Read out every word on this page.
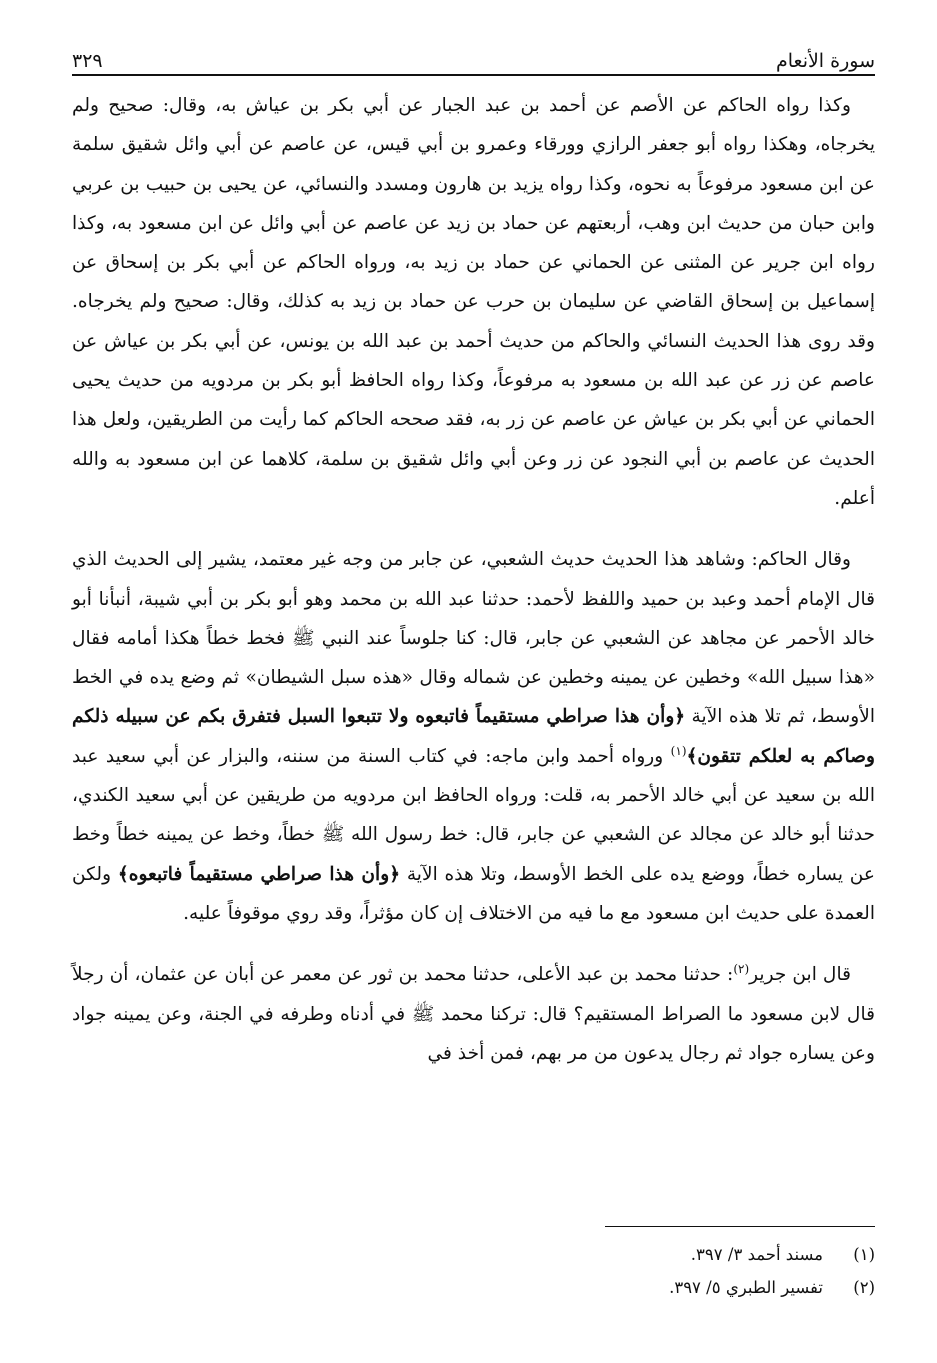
سورة الأنعام
٣٢٩

وكذا رواه الحاكم عن الأصم عن أحمد بن عبد الجبار عن أبي بكر بن عياش به، وقال: صحيح ولم يخرجاه، وهكذا رواه أبو جعفر الرازي وورقاء وعمرو بن أبي قيس، عن عاصم عن أبي وائل شقيق سلمة عن ابن مسعود مرفوعاً به نحوه، وكذا رواه يزيد بن هارون ومسدد والنسائي، عن يحيى بن حبيب بن عربي وابن حبان من حديث ابن وهب، أربعتهم عن حماد بن زيد عن عاصم عن أبي وائل عن ابن مسعود به، وكذا رواه ابن جرير عن المثنى عن الحماني عن حماد بن زيد به، ورواه الحاكم عن أبي بكر بن إسحاق عن إسماعيل بن إسحاق القاضي عن سليمان بن حرب عن حماد بن زيد به كذلك، وقال: صحيح ولم يخرجاه. وقد روى هذا الحديث النسائي والحاكم من حديث أحمد بن عبد الله بن يونس، عن أبي بكر بن عياش عن عاصم عن زر عن عبد الله بن مسعود به مرفوعاً، وكذا رواه الحافظ أبو بكر بن مردويه من حديث يحيى الحماني عن أبي بكر بن عياش عن عاصم عن زر به، فقد صححه الحاكم كما رأيت من الطريقين، ولعل هذا الحديث عن عاصم بن أبي النجود عن زر وعن أبي وائل شقيق بن سلمة، كلاهما عن ابن مسعود به والله أعلم.

وقال الحاكم: وشاهد هذا الحديث حديث الشعبي، عن جابر من وجه غير معتمد، يشير إلى الحديث الذي قال الإمام أحمد وعبد بن حميد واللفظ لأحمد: حدثنا عبد الله بن محمد وهو أبو بكر بن أبي شيبة، أنبأنا أبو خالد الأحمر عن مجاهد عن الشعبي عن جابر، قال: كنا جلوساً عند النبي ﷺ فخط خطاً هكذا أمامه فقال «هذا سبيل الله» وخطين عن يمينه وخطين عن شماله وقال «هذه سبل الشيطان» ثم وضع يده في الخط الأوسط، ثم تلا هذه الآية ﴿وأن هذا صراطي مستقيماً فاتبعوه ولا تتبعوا السبل فتفرق بكم عن سبيله ذلكم وصاكم به لعلكم تتقون﴾$^{(١)}$ ورواه أحمد وابن ماجه: في كتاب السنة من سننه، والبزار عن أبي سعيد عبد الله بن سعيد عن أبي خالد الأحمر به، قلت: ورواه الحافظ ابن مردويه من طريقين عن أبي سعيد الكندي، حدثنا أبو خالد عن مجالد عن الشعبي عن جابر، قال: خط رسول الله ﷺ خطاً، وخط عن يمينه خطاً وخط عن يساره خطاً، ووضع يده على الخط الأوسط، وتلا هذه الآية ﴿وأن هذا صراطي مستقيماً فاتبعوه﴾ ولكن العمدة على حديث ابن مسعود مع ما فيه من الاختلاف إن كان مؤثراً، وقد روي موقوفاً عليه.

قال ابن جرير$^{(٢)}$: حدثنا محمد بن عبد الأعلى، حدثنا محمد بن ثور عن معمر عن أبان عن عثمان، أن رجلاً قال لابن مسعود ما الصراط المستقيم؟ قال: تركنا محمد ﷺ في أدناه وطرفه في الجنة، وعن يمينه جواد وعن يساره جواد ثم رجال يدعون من مر بهم، فمن أخذ في

(١)
مسند أحمد ٣/ ٣٩٧.
(٢)
تفسير الطبري ٥/ ٣٩٧.
